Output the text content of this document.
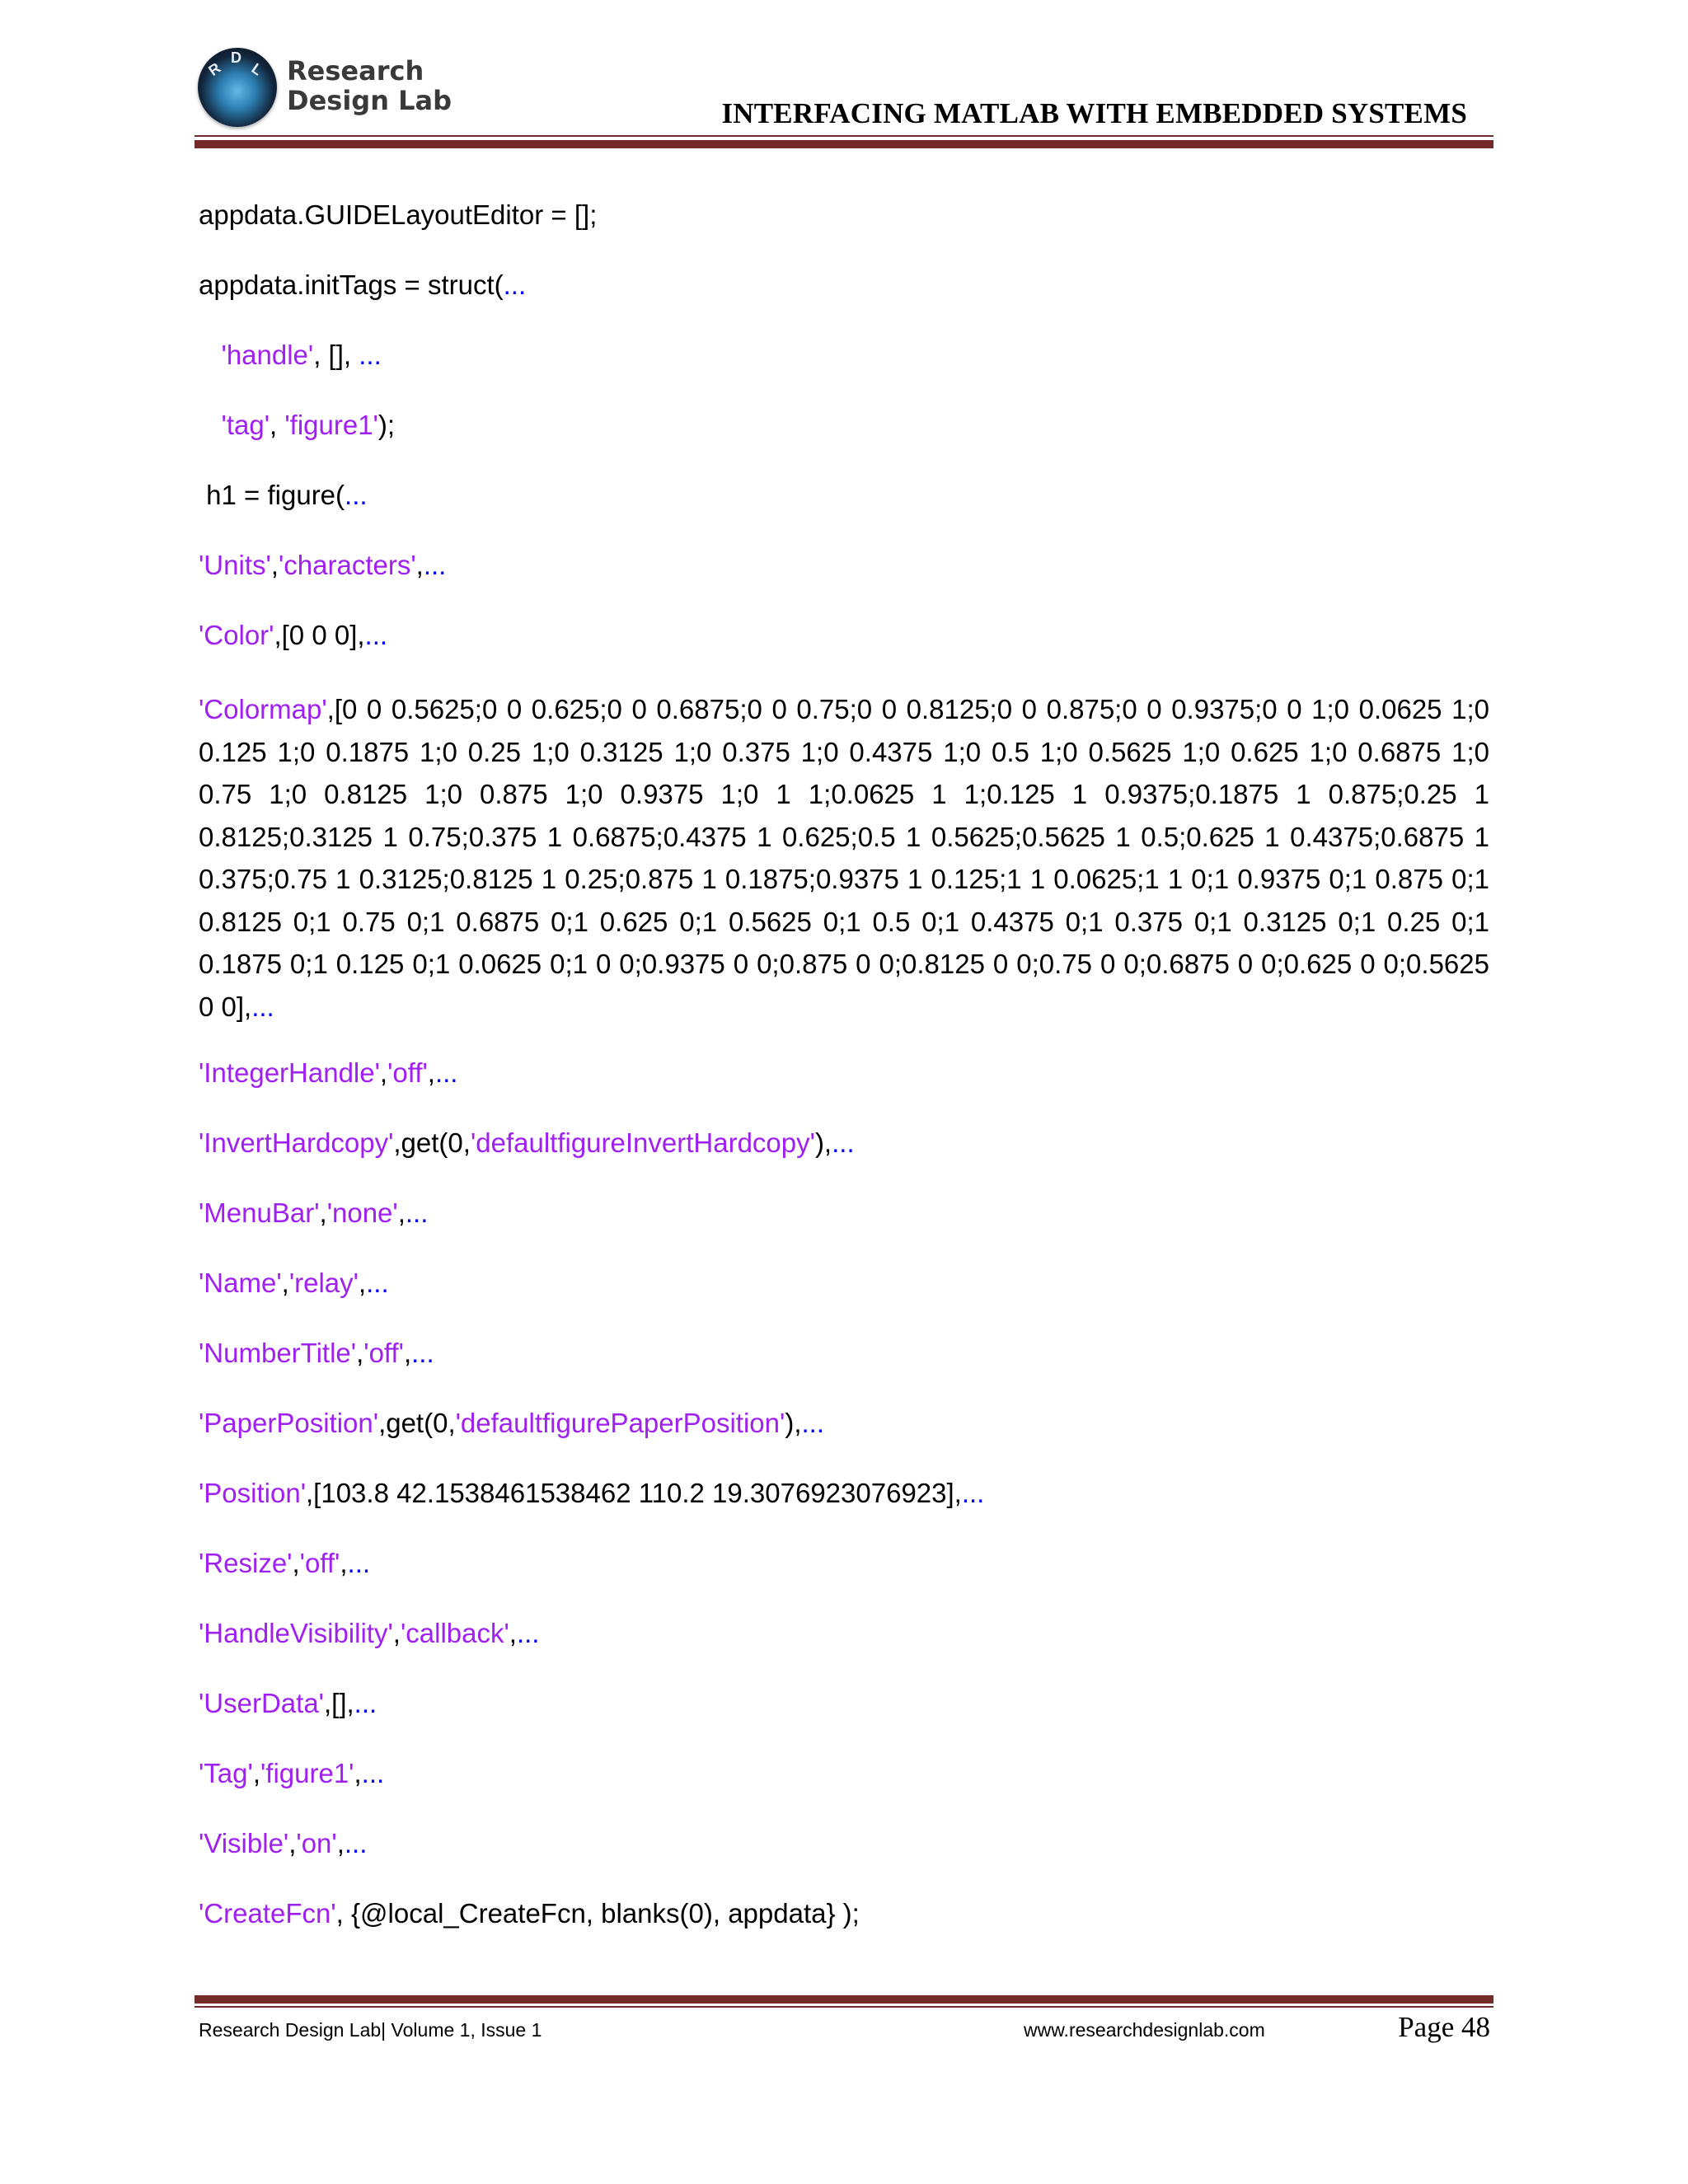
R
D
L Research
Design Lab	INTERFACING MATLAB WITH EMBEDDED SYSTEMS
appdata.GUIDELayoutEditor = [];
appdata.initTags = struct(...
'handle', [], ...
'tag', 'figure1');
h1 = figure(...
'Units','characters',...
'Color',[0 0 0],...
'Colormap',[0 0 0.5625;0 0 0.625;0 0 0.6875;0 0 0.75;0 0 0.8125;0 0 0.875;0 0 0.9375;0 0 1;0 0.0625 1;0 0.125 1;0 0.1875 1;0 0.25 1;0 0.3125 1;0 0.375 1;0 0.4375 1;0 0.5 1;0 0.5625 1;0 0.625 1;0 0.6875 1;0 0.75 1;0 0.8125 1;0 0.875 1;0 0.9375 1;0 1 1;0.0625 1 1;0.125 1 0.9375;0.1875 1 0.875;0.25 1 0.8125;0.3125 1 0.75;0.375 1 0.6875;0.4375 1 0.625;0.5 1 0.5625;0.5625 1 0.5;0.625 1 0.4375;0.6875 1 0.375;0.75 1 0.3125;0.8125 1 0.25;0.875 1 0.1875;0.9375 1 0.125;1 1 0.0625;1 1 0;1 0.9375 0;1 0.875 0;1 0.8125 0;1 0.75 0;1 0.6875 0;1 0.625 0;1 0.5625 0;1 0.5 0;1 0.4375 0;1 0.375 0;1 0.3125 0;1 0.25 0;1 0.1875 0;1 0.125 0;1 0.0625 0;1 0 0;0.9375 0 0;0.875 0 0;0.8125 0 0;0.75 0 0;0.6875 0 0;0.625 0 0;0.5625 0 0],...
'IntegerHandle','off',...
'InvertHardcopy',get(0,'defaultfigureInvertHardcopy'),...
'MenuBar','none',...
'Name','relay',...
'NumberTitle','off',...
'PaperPosition',get(0,'defaultfigurePaperPosition'),...
'Position',[103.8 42.1538461538462 110.2 19.3076923076923],...
'Resize','off',...
'HandleVisibility','callback',...
'UserData',[],...
'Tag','figure1',...
'Visible','on',...
'CreateFcn', {@local_CreateFcn, blanks(0), appdata} );
Research Design Lab| Volume 1, Issue 1	www.researchdesignlab.com	Page 48
